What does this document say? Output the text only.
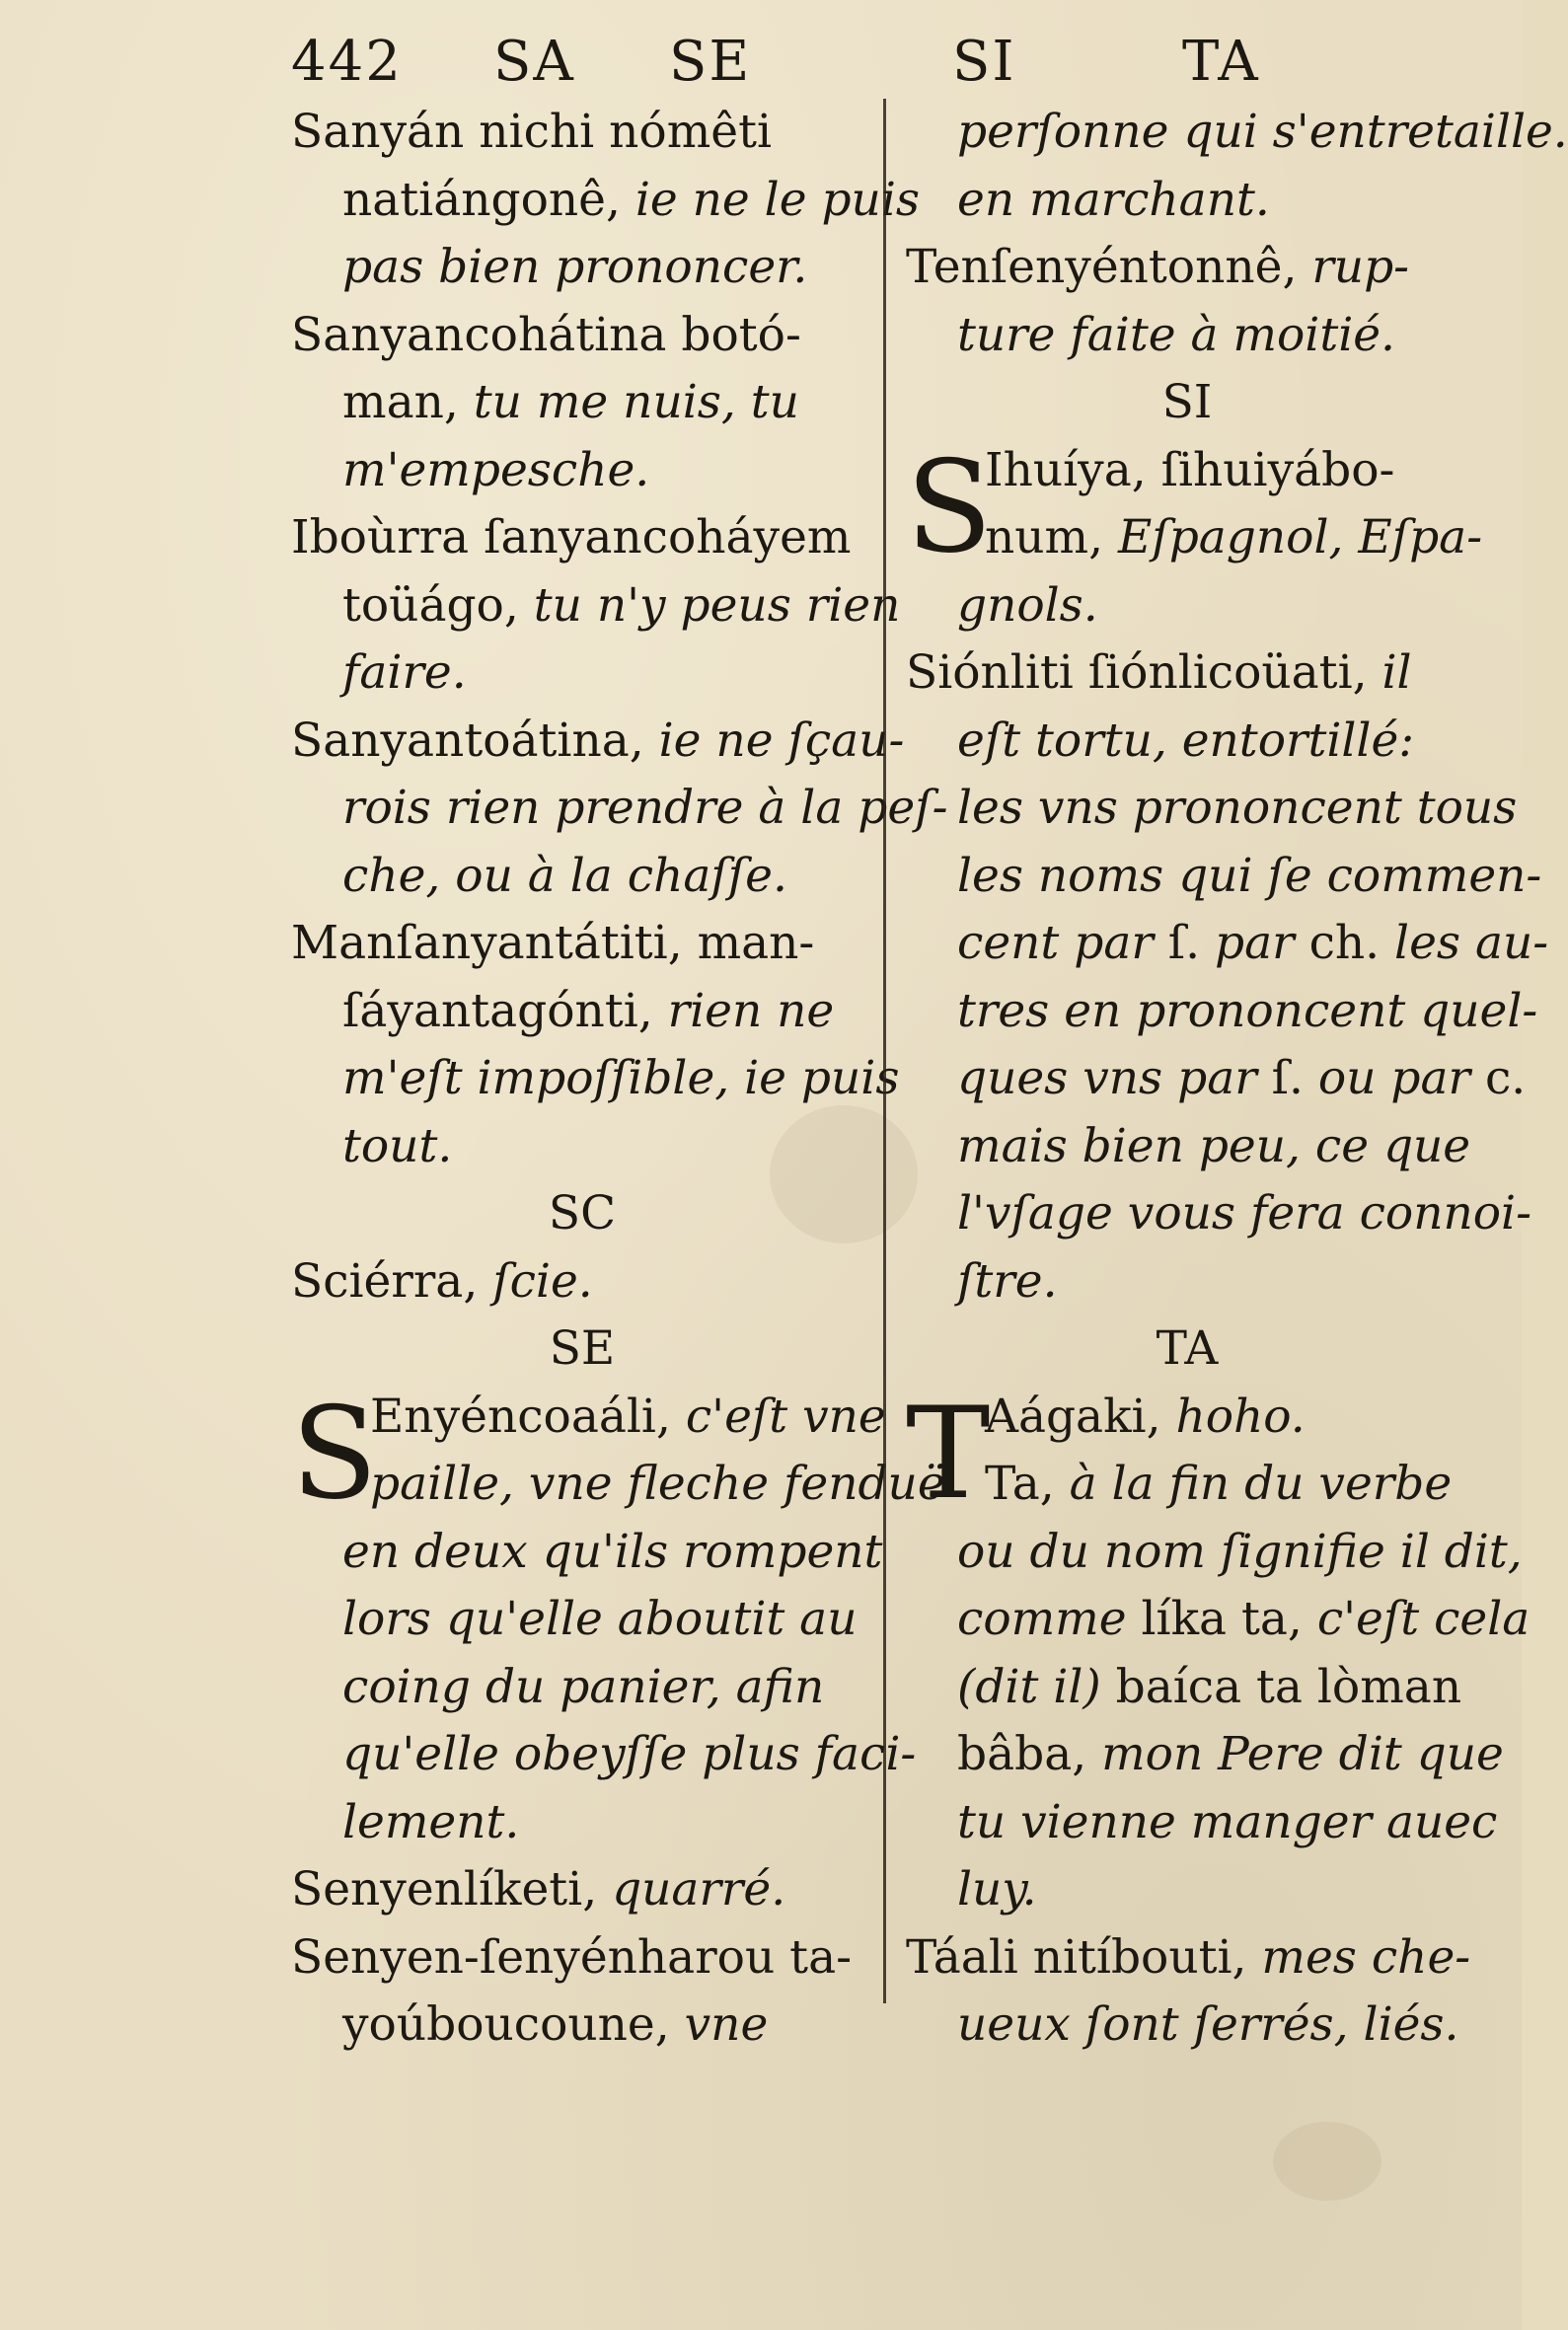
442 SA SE	SI	TA
Sanyán nichi nómêti
natiángonê, ie ne le puis
pas bien prononcer.
Sanyancohátina botó-
man, tu me nuis, tu
m'empesche.
Iboùrra ſanyancoháyem
toüágo, tu n'y peus rien
faire.
Sanyantoátina, ie ne ſçau-
rois rien prendre à la peſ-
che, ou à la chaſſe.
Manſanyantátiti, man-
ſáyantagónti, rien ne
m'eſt impoſſible, ie puis
tout.
SC
Sciérra, ſcie.
SE
S
Enyéncoaáli, c'eſt vne
paille, vne fleche fenduë
en deux qu'ils rompent
lors qu'elle aboutit au
coing du panier, afin
qu'elle obeyſſe plus faci-
lement.
Senyenlíketi, quarré.
Senyen-ſenyénharou ta-
yoúboucoune, vne
perſonne qui s'entretaille.
en marchant.
Tenſenyéntonnê, rup-
ture faite à moitié.
SI
S
Ihuíya, ſihuiyábo-
num, Eſpagnol, Eſpa-
gnols.
Siónliti ſiónlicoüati, il
eſt tortu, entortillé:
les vns prononcent tous
les noms qui ſe commen-
cent par ſ. par ch. les au-
tres en prononcent quel-
ques vns par ſ. ou par c.
mais bien peu, ce que
l'vſage vous fera connoi-
ſtre.
TA
T
Aágaki, hoho.
Ta, à la fin du verbe
ou du nom ſignifie il dit,
comme líka ta, c'eſt cela
(dit il) baíca ta lòman
bâba, mon Pere dit que
tu vienne manger auec
luy.
Táali nitíbouti, mes che-
ueux ſont ſerrés, liés.
